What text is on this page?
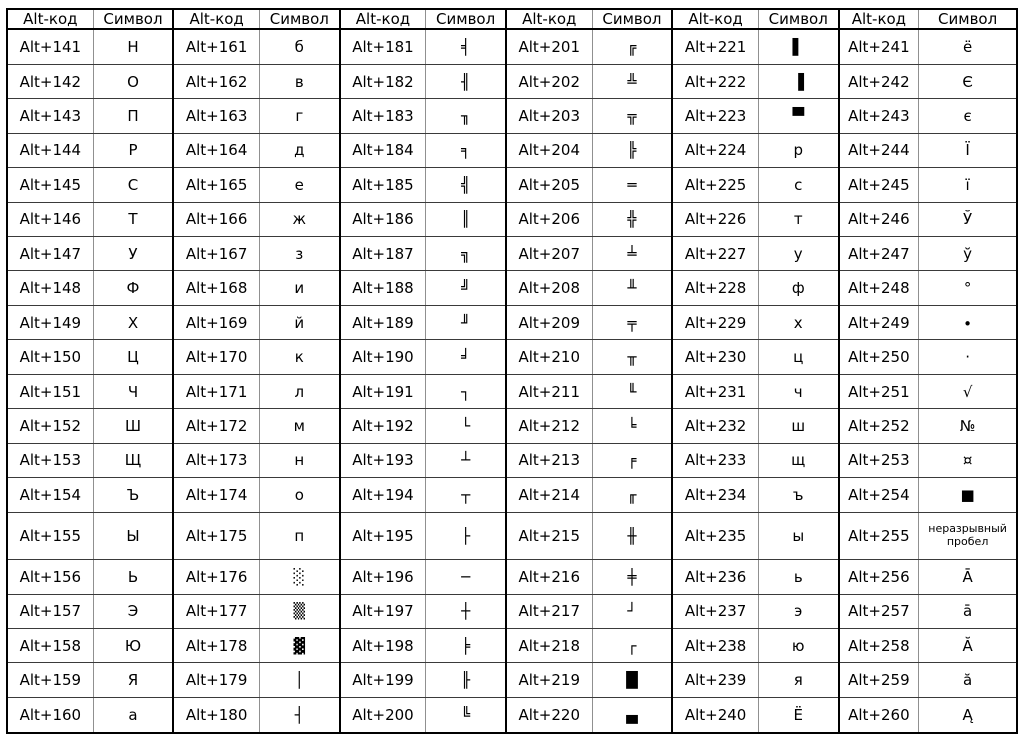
Alt-код	Символ	Alt-код	Символ	Alt-код	Символ	Alt-код	Символ	Alt-код	Символ	Alt-код	Символ
Alt+141	Н	Alt+161	б	Alt+181	╡	Alt+201	╔	Alt+221	▌	Alt+241	ё
Alt+142	О	Alt+162	в	Alt+182	╢	Alt+202	╩	Alt+222	▐	Alt+242	Є
Alt+143	П	Alt+163	г	Alt+183	╖	Alt+203	╦	Alt+223	▀	Alt+243	є
Alt+144	Р	Alt+164	д	Alt+184	╕	Alt+204	╠	Alt+224	р	Alt+244	Ї
Alt+145	С	Alt+165	е	Alt+185	╣	Alt+205	═	Alt+225	с	Alt+245	ї
Alt+146	Т	Alt+166	ж	Alt+186	║	Alt+206	╬	Alt+226	т	Alt+246	Ў
Alt+147	У	Alt+167	з	Alt+187	╗	Alt+207	╧	Alt+227	у	Alt+247	ў
Alt+148	Ф	Alt+168	и	Alt+188	╝	Alt+208	╨	Alt+228	ф	Alt+248	°
Alt+149	Х	Alt+169	й	Alt+189	╜	Alt+209	╤	Alt+229	х	Alt+249	∙
Alt+150	Ц	Alt+170	к	Alt+190	╛	Alt+210	╥	Alt+230	ц	Alt+250	·
Alt+151	Ч	Alt+171	л	Alt+191	┐	Alt+211	╙	Alt+231	ч	Alt+251	√
Alt+152	Ш	Alt+172	м	Alt+192	└	Alt+212	╘	Alt+232	ш	Alt+252	№
Alt+153	Щ	Alt+173	н	Alt+193	┴	Alt+213	╒	Alt+233	щ	Alt+253	¤
Alt+154	Ъ	Alt+174	о	Alt+194	┬	Alt+214	╓	Alt+234	ъ	Alt+254	■
Alt+155	Ы	Alt+175	п	Alt+195	├	Alt+215	╫	Alt+235	ы	Alt+255	неразрывный пробел
Alt+156	Ь	Alt+176	░	Alt+196	─	Alt+216	╪	Alt+236	ь	Alt+256	Ā
Alt+157	Э	Alt+177	▒	Alt+197	┼	Alt+217	┘	Alt+237	э	Alt+257	ā
Alt+158	Ю	Alt+178	▓	Alt+198	╞	Alt+218	┌	Alt+238	ю	Alt+258	Ă
Alt+159	Я	Alt+179	│	Alt+199	╟	Alt+219	█	Alt+239	я	Alt+259	ă
Alt+160	а	Alt+180	┤	Alt+200	╚	Alt+220	▄	Alt+240	Ё	Alt+260	Ą
